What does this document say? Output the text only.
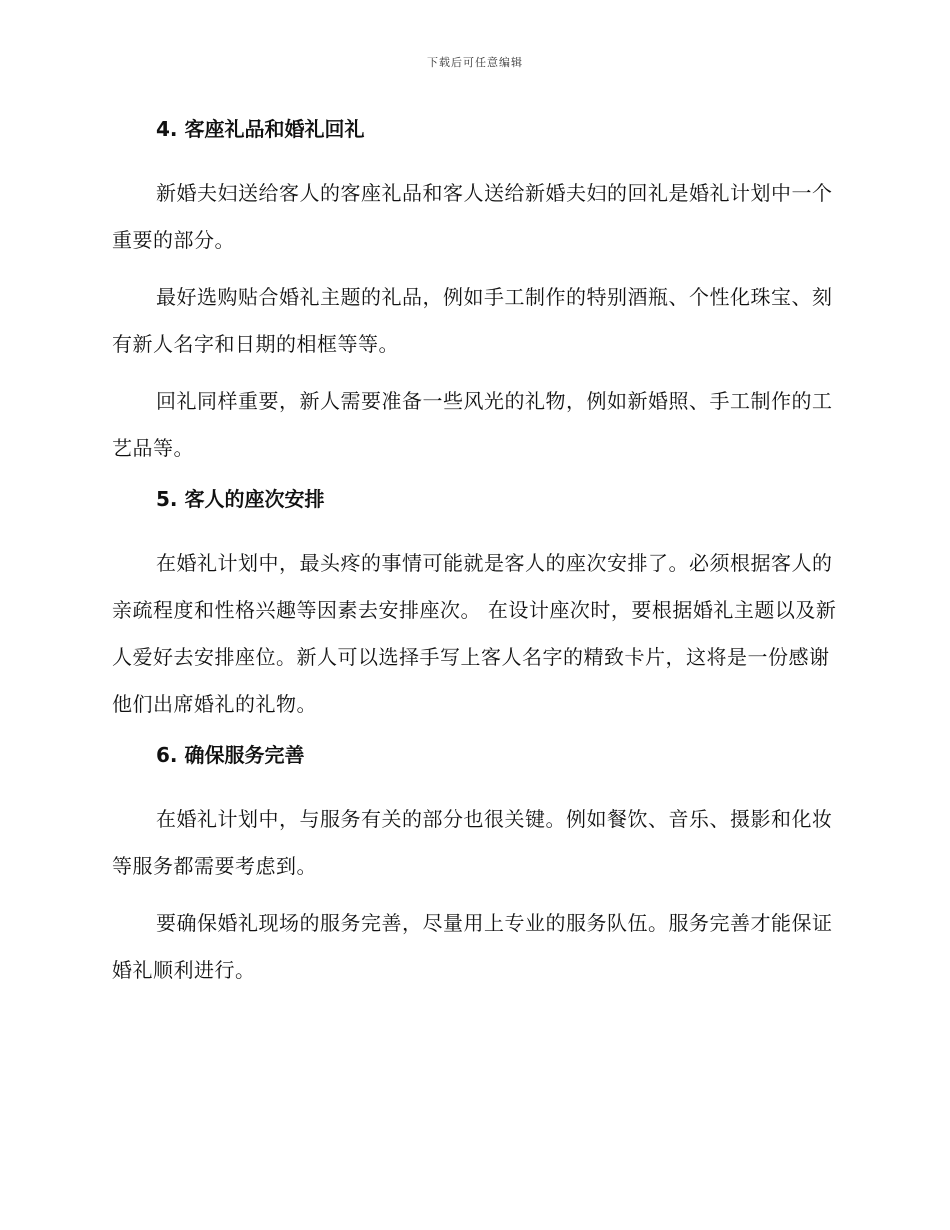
下载后可任意编辑
4. 客座礼品和婚礼回礼

新婚夫妇送给客人的客座礼品和客人送给新婚夫妇的回礼是婚礼计划中一个重要的部分。

最好选购贴合婚礼主题的礼品，例如手工制作的特别酒瓶、个性化珠宝、刻有新人名字和日期的相框等等。

回礼同样重要，新人需要准备一些风光的礼物，例如新婚照、手工制作的工艺品等。

5. 客人的座次安排

在婚礼计划中，最头疼的事情可能就是客人的座次安排了。必须根据客人的亲疏程度和性格兴趣等因素去安排座次。 在设计座次时，要根据婚礼主题以及新人爱好去安排座位。新人可以选择手写上客人名字的精致卡片，这将是一份感谢他们出席婚礼的礼物。

6. 确保服务完善

在婚礼计划中，与服务有关的部分也很关键。例如餐饮、音乐、摄影和化妆等服务都需要考虑到。

要确保婚礼现场的服务完善，尽量用上专业的服务队伍。服务完善才能保证婚礼顺利进行。
